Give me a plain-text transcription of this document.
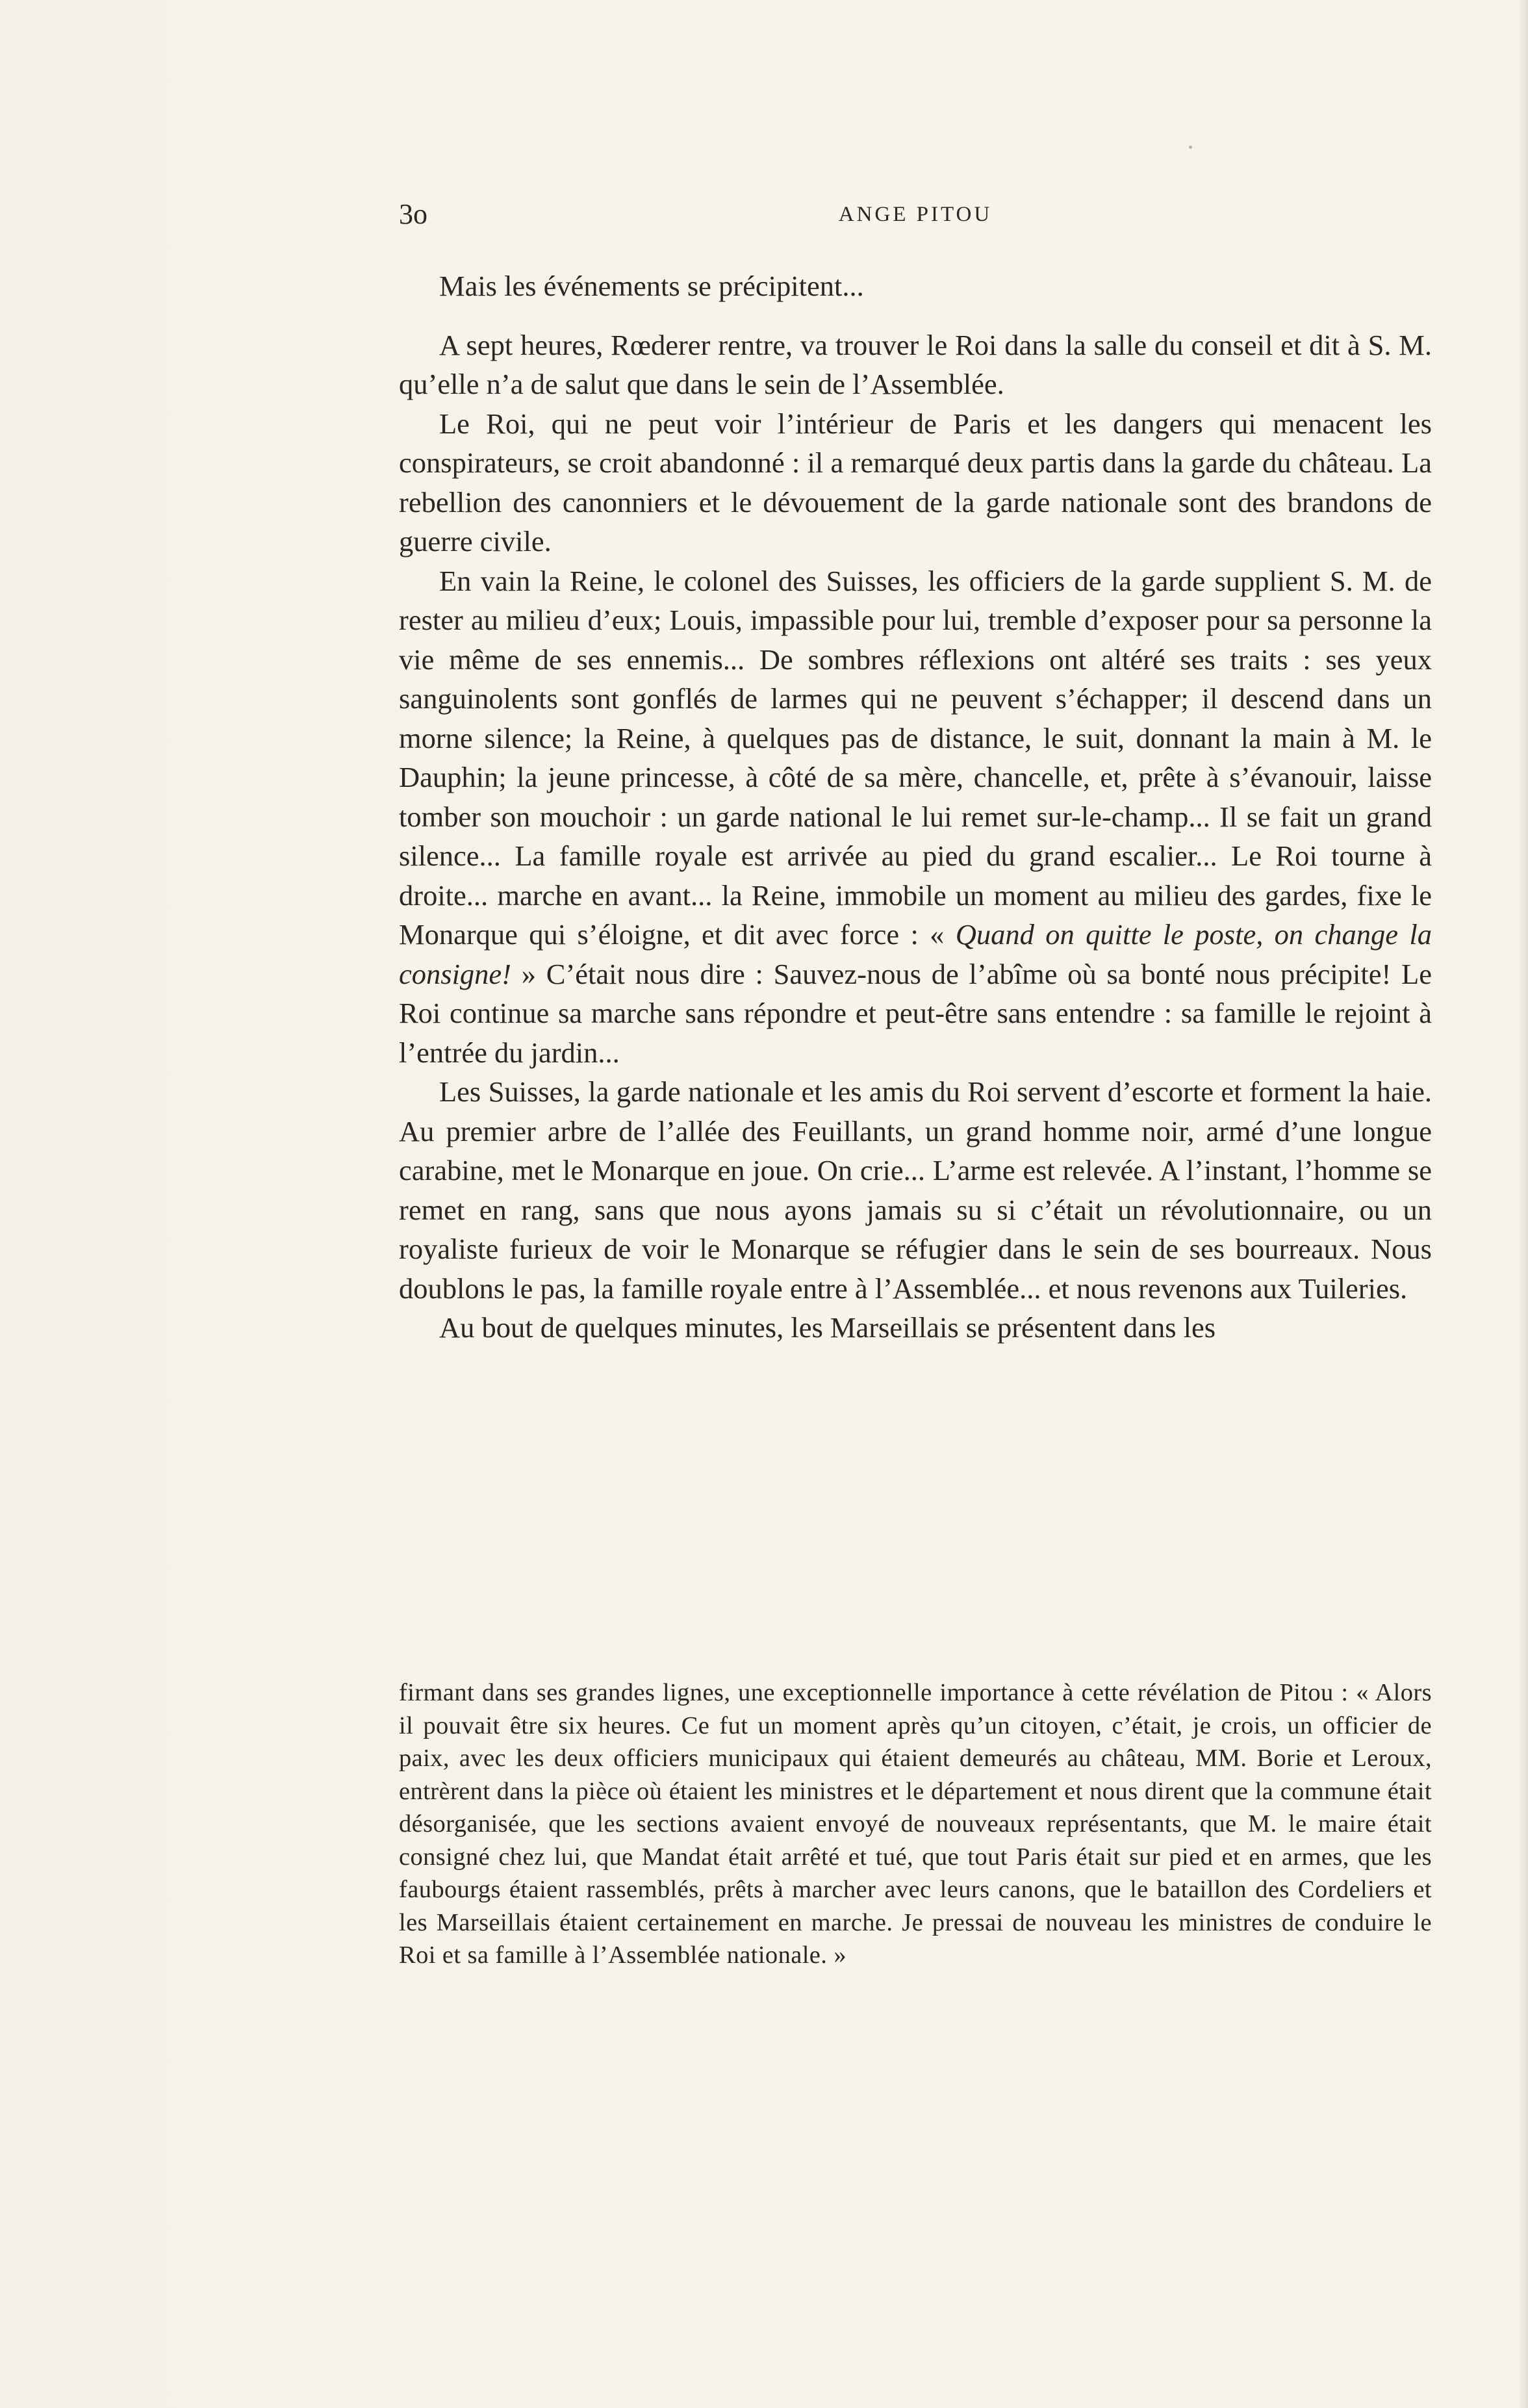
3o	ANGE PITOU

Mais les événements se précipitent...

A sept heures, Rœderer rentre, va trouver le Roi dans la salle du conseil et dit à S. M. qu’elle n’a de salut que dans le sein de l’Assemblée.

Le Roi, qui ne peut voir l’intérieur de Paris et les dangers qui menacent les conspirateurs, se croit abandonné : il a remarqué deux partis dans la garde du château. La rebellion des canonniers et le dévouement de la garde nationale sont des brandons de guerre civile.

En vain la Reine, le colonel des Suisses, les officiers de la garde supplient S. M. de rester au milieu d’eux; Louis, impassible pour lui, tremble d’exposer pour sa personne la vie même de ses ennemis... De sombres réflexions ont altéré ses traits : ses yeux sanguinolents sont gonflés de larmes qui ne peuvent s’échapper; il descend dans un morne silence; la Reine, à quelques pas de distance, le suit, donnant la main à M. le Dauphin; la jeune princesse, à côté de sa mère, chancelle, et, prête à s’évanouir, laisse tomber son mouchoir : un garde national le lui remet sur-le-champ... Il se fait un grand silence... La famille royale est arrivée au pied du grand escalier... Le Roi tourne à droite... marche en avant... la Reine, immobile un moment au milieu des gardes, fixe le Monarque qui s’éloigne, et dit avec force : « Quand on quitte le poste, on change la consigne! » C’était nous dire : Sauvez-nous de l’abîme où sa bonté nous précipite! Le Roi continue sa marche sans répondre et peut-être sans entendre : sa famille le rejoint à l’entrée du jardin...

Les Suisses, la garde nationale et les amis du Roi servent d’escorte et forment la haie. Au premier arbre de l’allée des Feuillants, un grand homme noir, armé d’une longue carabine, met le Monarque en joue. On crie... L’arme est relevée. A l’instant, l’homme se remet en rang, sans que nous ayons jamais su si c’était un révolutionnaire, ou un royaliste furieux de voir le Monarque se réfugier dans le sein de ses bourreaux. Nous doublons le pas, la famille royale entre à l’Assemblée... et nous revenons aux Tuileries.

Au bout de quelques minutes, les Marseillais se présentent dans les

firmant dans ses grandes lignes, une exceptionnelle importance à cette révélation de Pitou : « Alors il pouvait être six heures. Ce fut un moment après qu’un citoyen, c’était, je crois, un officier de paix, avec les deux officiers municipaux qui étaient demeurés au château, MM. Borie et Leroux, entrèrent dans la pièce où étaient les ministres et le département et nous dirent que la commune était désorganisée, que les sections avaient envoyé de nouveaux représentants, que M. le maire était consigné chez lui, que Mandat était arrêté et tué, que tout Paris était sur pied et en armes, que les faubourgs étaient rassemblés, prêts à marcher avec leurs canons, que le bataillon des Cordeliers et les Marseillais étaient certainement en marche. Je pressai de nouveau les ministres de conduire le Roi et sa famille à l’Assemblée nationale. »
